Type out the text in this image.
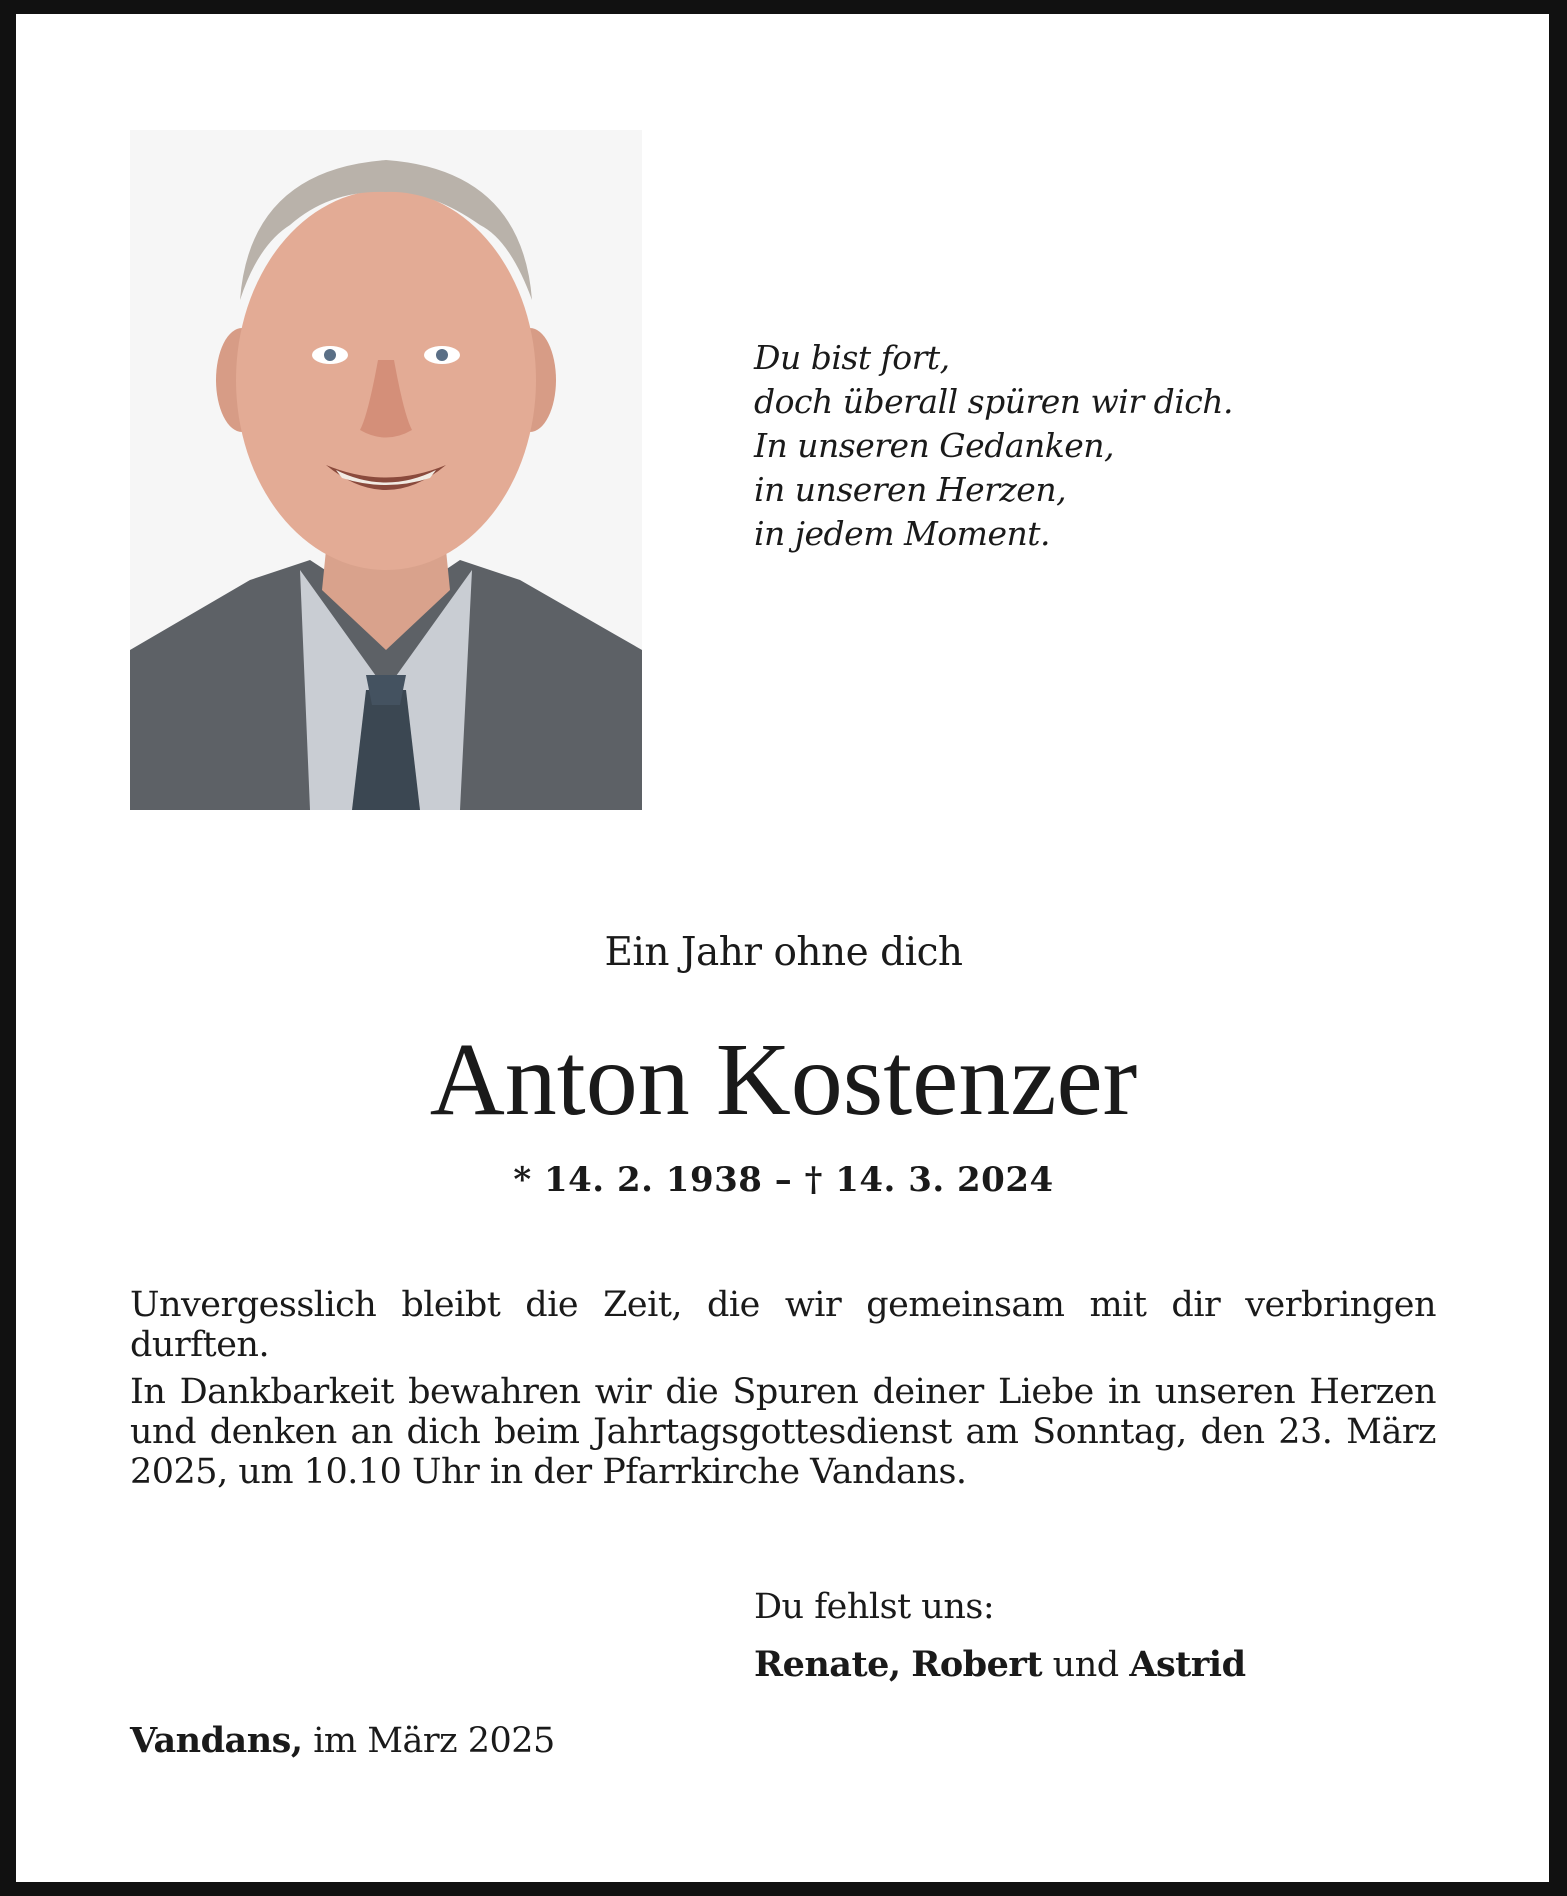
Du bist fort,
doch überall spüren wir dich.
In unseren Gedanken,
in unseren Herzen,
in jedem Moment.
Ein Jahr ohne dich
Anton Kostenzer
* 14. 2. 1938 – † 14. 3. 2024
Unvergesslich bleibt die Zeit, die wir gemeinsam mit dir verbringen durften.
In Dankbarkeit bewahren wir die Spuren deiner Liebe in unseren Herzen und denken an dich beim Jahrtagsgottesdienst am Sonntag, den 23. März 2025, um 10.10 Uhr in der Pfarrkirche Vandans.
Du fehlst uns:
Renate, Robert und Astrid
Vandans, im März 2025
